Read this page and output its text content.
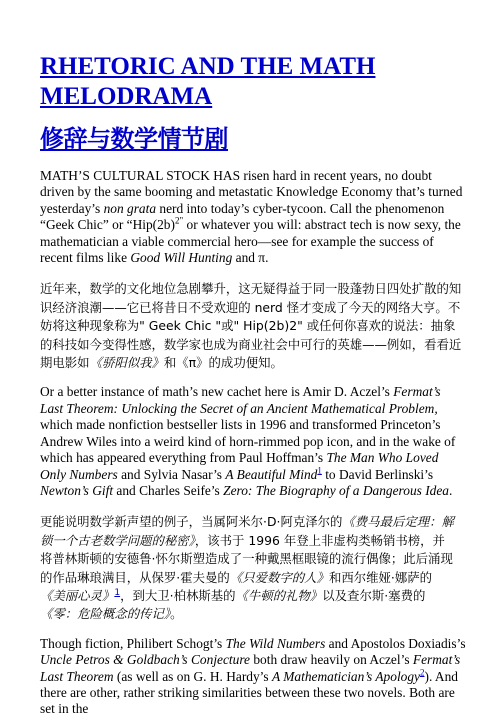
RHETORIC AND THE MATH
MELODRAMA
修辞与数学情节剧

MATH’S CULTURAL STOCK HAS risen hard in recent years, no doubt driven by the same booming and metastatic Knowledge Economy that’s turned yesterday’s non grata nerd into today’s cyber-tycoon. Call the phenomenon “Geek Chic” or “$Hip(2b)^{2"}$ or whatever you will: abstract tech is now sexy, the mathematician a viable commercial hero—see for example the success of recent films like Good Will Hunting and π.

近年来，数学的文化地位急剧攀升，这无疑得益于同一股蓬勃日四处扩散的知识经济浪潮——它已将昔日不受欢迎的 nerd 怪才变成了今天的网络大亨。不妨将这种现象称为" Geek Chic "或" Hip(2b)2" 或任何你喜欢的说法：抽象的科技如今变得性感，数学家也成为商业社会中可行的英雄——例如，看看近期电影如《骄阳似我》和《π》的成功便知。

Or a better instance of math’s new cachet here is Amir D. Aczel’s Fermat’s Last Theorem: Unlocking the Secret of an Ancient Mathematical Problem, which made nonfiction bestseller lists in 1996 and transformed Princeton’s Andrew Wiles into a weird kind of horn-rimmed pop icon, and in the wake of which has appeared everything from Paul Hoffman’s The Man Who Loved Only Numbers and Sylvia Nasar’s A Beautiful Mind$^1$ to David Berlinski’s Newton’s Gift and Charles Seife’s Zero: The Biography of a Dangerous Idea.

更能说明数学新声望的例子，当属阿米尔·D·阿克泽尔的《费马最后定理：解
锁一个古老数学问题的秘密》，该书于 1996 年登上非虚构类畅销书榜，并
将普林斯顿的安德鲁·怀尔斯塑造成了一种戴黑框眼镜的流行偶像；此后涌现
的作品琳琅满目，从保罗·霍夫曼的《只爱数字的人》和西尔维娅·娜萨的
《美丽心灵》$^1$，到大卫·柏林斯基的《牛顿的礼物》以及查尔斯·塞费的
《零：危险概念的传记》。

Though fiction, Philibert Schogt’s The Wild Numbers and Apostolos Doxiadis’s Uncle Petros & Goldbach’s Conjecture both draw heavily on Aczel’s Fermat’s Last Theorem (as well as on G. H. Hardy’s A Mathematician’s Apology$^2$). And there are other, rather striking similarities between these two novels. Both are set in the
